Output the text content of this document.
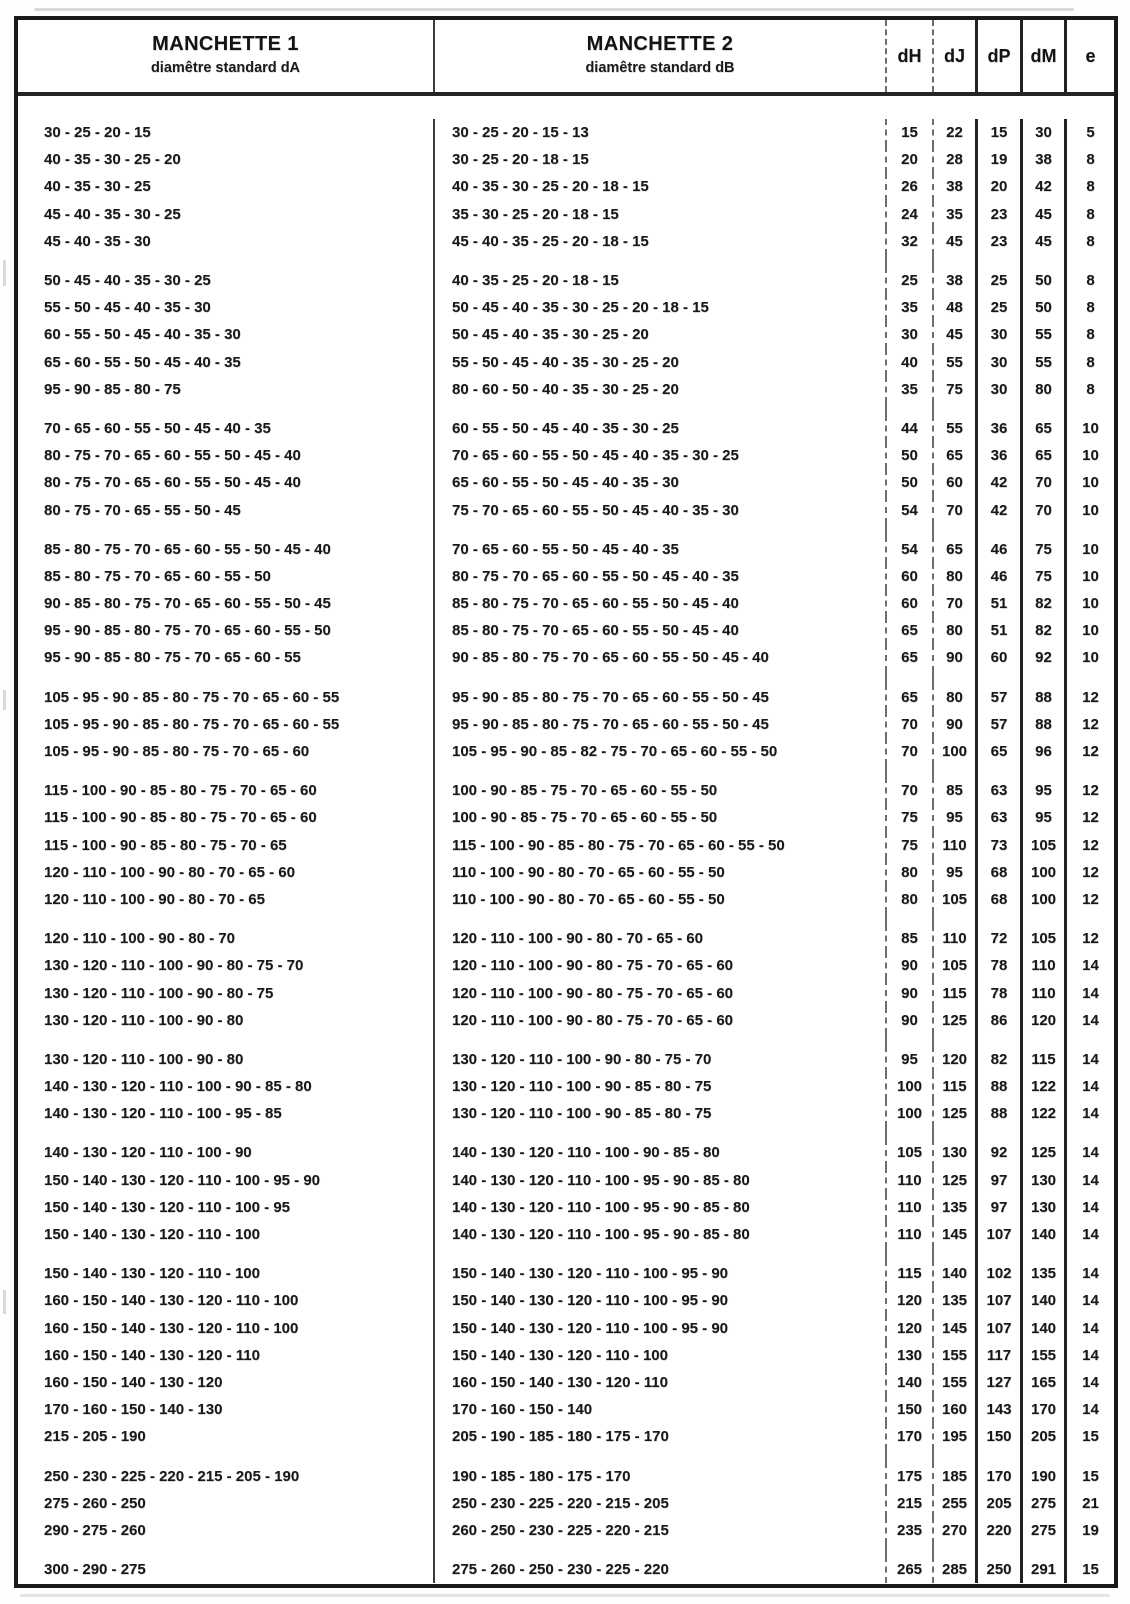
MANCHETTE 1
diamêtre standard dA
MANCHETTE 2
diamêtre standard dB
dH	dJ	dP	dM	e
30 - 25 - 20 - 15	30 - 25 - 20 - 15 - 13	15	22	15	30	5
40 - 35 - 30 - 25 - 20	30 - 25 - 20 - 18 - 15	20	28	19	38	8
40 - 35 - 30 - 25	40 - 35 - 30 - 25 - 20 - 18 - 15	26	38	20	42	8
45 - 40 - 35 - 30 - 25	35 - 30 - 25 - 20 - 18 - 15	24	35	23	45	8
45 - 40 - 35 - 30	45 - 40 - 35 - 25 - 20 - 18 - 15	32	45	23	45	8
50 - 45 - 40 - 35 - 30 - 25	40 - 35 - 25 - 20 - 18 - 15	25	38	25	50	8
55 - 50 - 45 - 40 - 35 - 30	50 - 45 - 40 - 35 - 30 - 25 - 20 - 18 - 15	35	48	25	50	8
60 - 55 - 50 - 45 - 40 - 35 - 30	50 - 45 - 40 - 35 - 30 - 25 - 20	30	45	30	55	8
65 - 60 - 55 - 50 - 45 - 40 - 35	55 - 50 - 45 - 40 - 35 - 30 - 25 - 20	40	55	30	55	8
95 - 90 - 85 - 80 - 75	80 - 60 - 50 - 40 - 35 - 30 - 25 - 20	35	75	30	80	8
70 - 65 - 60 - 55 - 50 - 45 - 40 - 35	60 - 55 - 50 - 45 - 40 - 35 - 30 - 25	44	55	36	65	10
80 - 75 - 70 - 65 - 60 - 55 - 50 - 45 - 40	70 - 65 - 60 - 55 - 50 - 45 - 40 - 35 - 30 - 25	50	65	36	65	10
80 - 75 - 70 - 65 - 60 - 55 - 50 - 45 - 40	65 - 60 - 55 - 50 - 45 - 40 - 35 - 30	50	60	42	70	10
80 - 75 - 70 - 65 - 55 - 50 - 45	75 - 70 - 65 - 60 - 55 - 50 - 45 - 40 - 35 - 30	54	70	42	70	10
85 - 80 - 75 - 70 - 65 - 60 - 55 - 50 - 45 - 40	70 - 65 - 60 - 55 - 50 - 45 - 40 - 35	54	65	46	75	10
85 - 80 - 75 - 70 - 65 - 60 - 55 - 50	80 - 75 - 70 - 65 - 60 - 55 - 50 - 45 - 40 - 35	60	80	46	75	10
90 - 85 - 80 - 75 - 70 - 65 - 60 - 55 - 50 - 45	85 - 80 - 75 - 70 - 65 - 60 - 55 - 50 - 45 - 40	60	70	51	82	10
95 - 90 - 85 - 80 - 75 - 70 - 65 - 60 - 55 - 50	85 - 80 - 75 - 70 - 65 - 60 - 55 - 50 - 45 - 40	65	80	51	82	10
95 - 90 - 85 - 80 - 75 - 70 - 65 - 60 - 55	90 - 85 - 80 - 75 - 70 - 65 - 60 - 55 - 50 - 45 - 40	65	90	60	92	10
105 - 95 - 90 - 85 - 80 - 75 - 70 - 65 - 60 - 55	95 - 90 - 85 - 80 - 75 - 70 - 65 - 60 - 55 - 50 - 45	65	80	57	88	12
105 - 95 - 90 - 85 - 80 - 75 - 70 - 65 - 60 - 55	95 - 90 - 85 - 80 - 75 - 70 - 65 - 60 - 55 - 50 - 45	70	90	57	88	12
105 - 95 - 90 - 85 - 80 - 75 - 70 - 65 - 60	105 - 95 - 90 - 85 - 82 - 75 - 70 - 65 - 60 - 55 - 50	70	100	65	96	12
115 - 100 - 90 - 85 - 80 - 75 - 70 - 65 - 60	100 - 90 - 85 - 75 - 70 - 65 - 60 - 55 - 50	70	85	63	95	12
115 - 100 - 90 - 85 - 80 - 75 - 70 - 65 - 60	100 - 90 - 85 - 75 - 70 - 65 - 60 - 55 - 50	75	95	63	95	12
115 - 100 - 90 - 85 - 80 - 75 - 70 - 65	115 - 100 - 90 - 85 - 80 - 75 - 70 - 65 - 60 - 55 - 50	75	110	73	105	12
120 - 110 - 100 - 90 - 80 - 70 - 65 - 60	110 - 100 - 90 - 80 - 70 - 65 - 60 - 55 - 50	80	95	68	100	12
120 - 110 - 100 - 90 - 80 - 70 - 65	110 - 100 - 90 - 80 - 70 - 65 - 60 - 55 - 50	80	105	68	100	12
120 - 110 - 100 - 90 - 80 - 70	120 - 110 - 100 - 90 - 80 - 70 - 65 - 60	85	110	72	105	12
130 - 120 - 110 - 100 - 90 - 80 - 75 - 70	120 - 110 - 100 - 90 - 80 - 75 - 70 - 65 - 60	90	105	78	110	14
130 - 120 - 110 - 100 - 90 - 80 - 75	120 - 110 - 100 - 90 - 80 - 75 - 70 - 65 - 60	90	115	78	110	14
130 - 120 - 110 - 100 - 90 - 80	120 - 110 - 100 - 90 - 80 - 75 - 70 - 65 - 60	90	125	86	120	14
130 - 120 - 110 - 100 - 90 - 80	130 - 120 - 110 - 100 - 90 - 80 - 75 - 70	95	120	82	115	14
140 - 130 - 120 - 110 - 100 - 90 - 85 - 80	130 - 120 - 110 - 100 - 90 - 85 - 80 - 75	100	115	88	122	14
140 - 130 - 120 - 110 - 100 - 95 - 85	130 - 120 - 110 - 100 - 90 - 85 - 80 - 75	100	125	88	122	14
140 - 130 - 120 - 110 - 100 - 90	140 - 130 - 120 - 110 - 100 - 90 - 85 - 80	105	130	92	125	14
150 - 140 - 130 - 120 - 110 - 100 - 95 - 90	140 - 130 - 120 - 110 - 100 - 95 - 90 - 85 - 80	110	125	97	130	14
150 - 140 - 130 - 120 - 110 - 100 - 95	140 - 130 - 120 - 110 - 100 - 95 - 90 - 85 - 80	110	135	97	130	14
150 - 140 - 130 - 120 - 110 - 100	140 - 130 - 120 - 110 - 100 - 95 - 90 - 85 - 80	110	145	107	140	14
150 - 140 - 130 - 120 - 110 - 100	150 - 140 - 130 - 120 - 110 - 100 - 95 - 90	115	140	102	135	14
160 - 150 - 140 - 130 - 120 - 110 - 100	150 - 140 - 130 - 120 - 110 - 100 - 95 - 90	120	135	107	140	14
160 - 150 - 140 - 130 - 120 - 110 - 100	150 - 140 - 130 - 120 - 110 - 100 - 95 - 90	120	145	107	140	14
160 - 150 - 140 - 130 - 120 - 110	150 - 140 - 130 - 120 - 110 - 100	130	155	117	155	14
160 - 150 - 140 - 130 - 120	160 - 150 - 140 - 130 - 120 - 110	140	155	127	165	14
170 - 160 - 150 - 140 - 130	170 - 160 - 150 - 140	150	160	143	170	14
215 - 205 - 190	205 - 190 - 185 - 180 - 175 - 170	170	195	150	205	15
250 - 230 - 225 - 220 - 215 - 205 - 190	190 - 185 - 180 - 175 - 170	175	185	170	190	15
275 - 260 - 250	250 - 230 - 225 - 220 - 215 - 205	215	255	205	275	21
290 - 275 - 260	260 - 250 - 230 - 225 - 220 - 215	235	270	220	275	19
300 - 290 - 275	275 - 260 - 250 - 230 - 225 - 220	265	285	250	291	15
